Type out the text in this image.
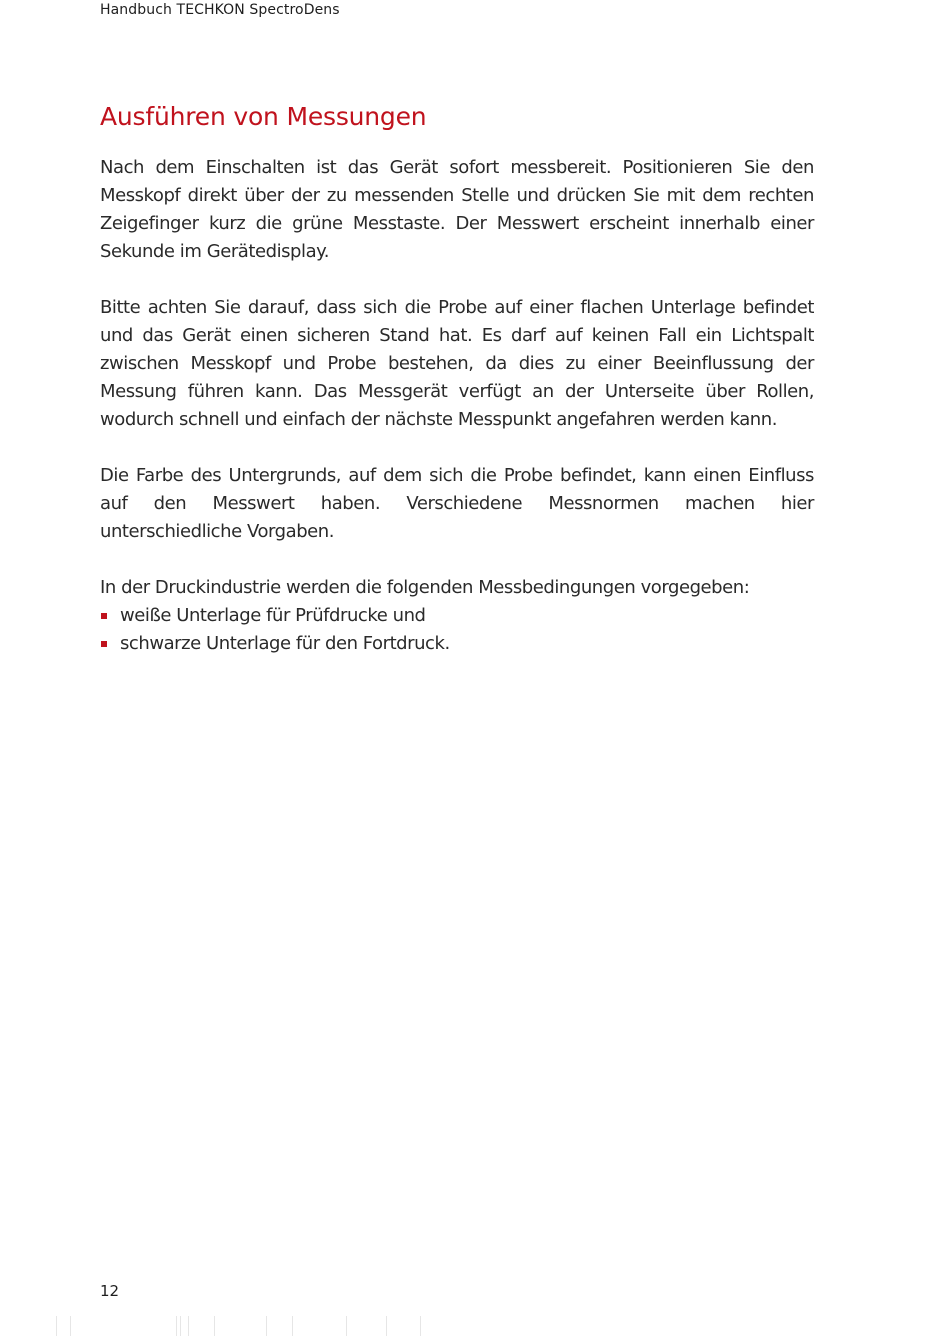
Handbuch TECHKON SpectroDens
Ausführen von Messungen

Nach dem Einschalten ist das Gerät sofort messbereit. Positionieren Sie den Messkopf direkt über der zu messenden Stelle und drücken Sie mit dem rechten Zeigefinger kurz die grüne Messtaste. Der Messwert erscheint innerhalb einer Sekunde im Gerätedisplay.

Bitte achten Sie darauf, dass sich die Probe auf einer flachen Unterlage befindet und das Gerät einen sicheren Stand hat. Es darf auf keinen Fall ein Lichtspalt zwischen Messkopf und Probe bestehen, da dies zu einer Beeinflussung der Messung führen kann. Das Messgerät verfügt an der Unterseite über Rollen, wodurch schnell und einfach der nächste Messpunkt angefahren werden kann.

Die Farbe des Untergrunds, auf dem sich die Probe befindet, kann einen Einfluss auf den Messwert haben. Verschiedene Messnormen machen hier unterschiedliche Vorgaben.

In der Druckindustrie werden die folgenden Messbedingungen vorgegeben:

weiße Unterlage für Prüfdrucke und
schwarze Unterlage für den Fortdruck.
12
